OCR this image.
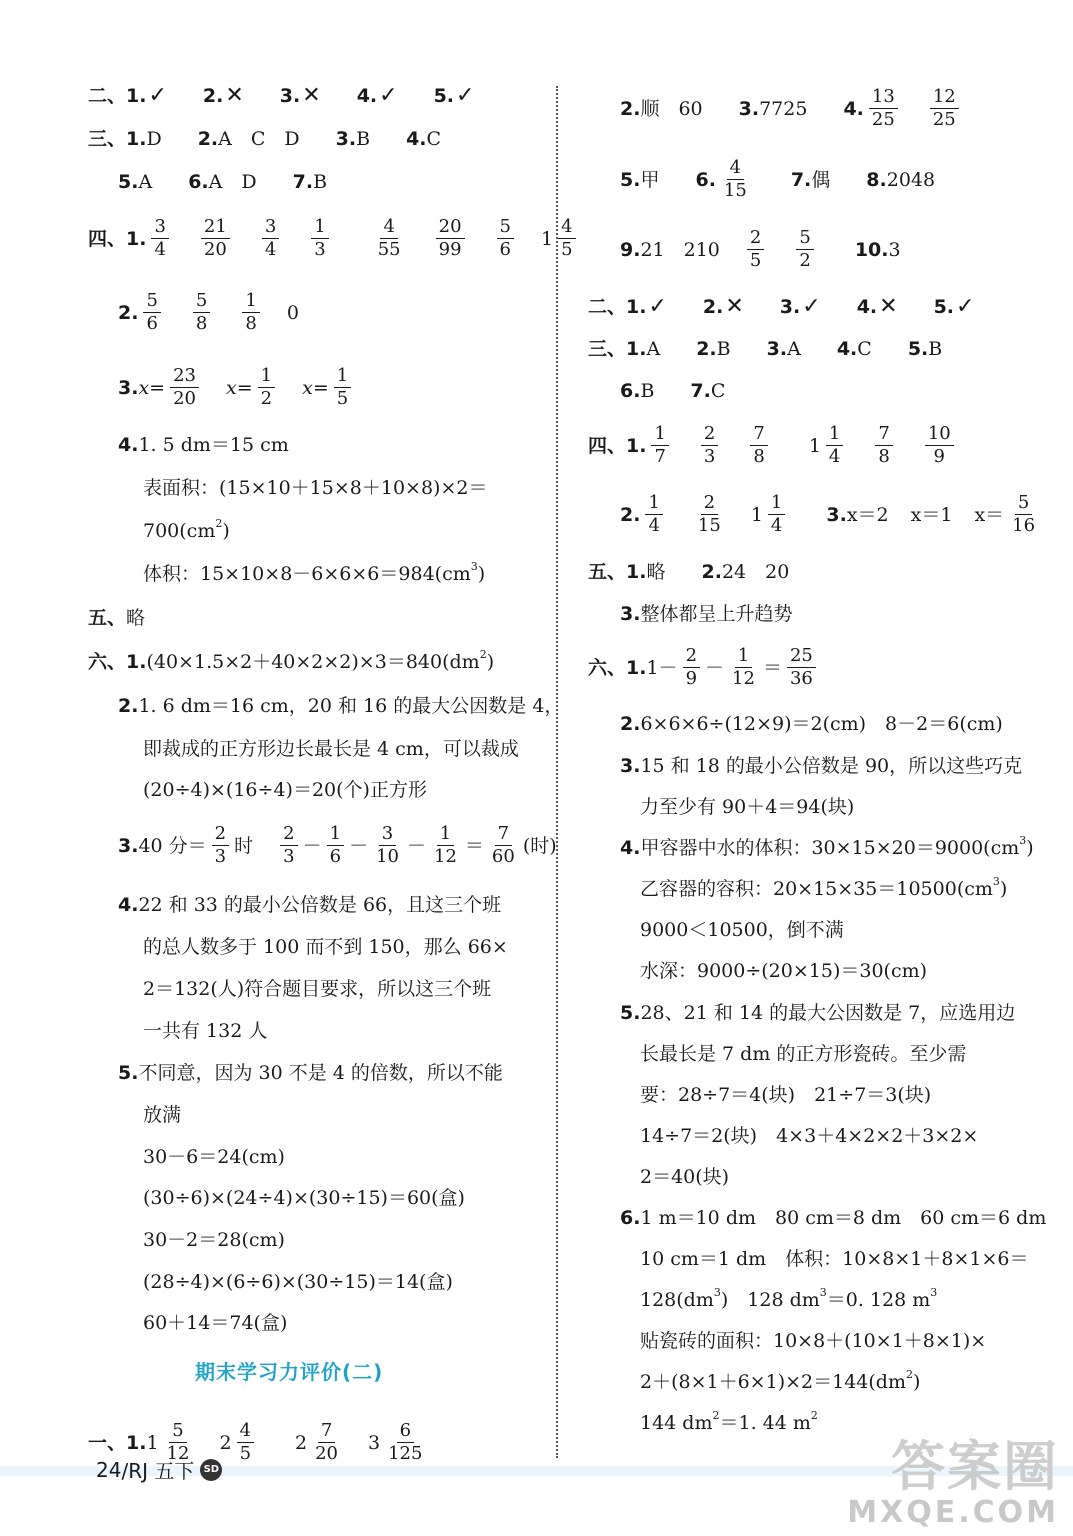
二、 1. ✓ 2. ✕ 3. ✕ 4. ✓ 5. ✓
三、 1. D 2. A　C　D 3. B 4. C
5. A 6. A　D 7. B
四、 1. $\frac{3}{4} \frac{21}{20} \frac{3}{4} \frac{1}{3}$	$\frac{4}{55} \frac{20}{99} \frac{5}{6} 1 \frac{4}{5}$
2. $\frac{5}{6} \frac{5}{8} \frac{1}{8} 0$
3. $x = \frac{23}{20}$ $x = \frac{1}{2}$ $x = \frac{1}{5}$
4. 1. 5 dm＝15 cm
表面积：(15×10＋15×8＋10×8)×2＝
700(cm 2 )
体积：15×10×8－6×6×6＝984(cm 3 )
五、 略
六、 1. (40×1.5×2＋40×2×2)×3＝840(dm 2 )
2. 1. 6 dm＝16 cm，20 和 16 的最大公因数是 4，
即裁成的正方形边长最长是 4 cm，可以裁成
(20÷4)×(16÷4)＝20(个)正方形
3. 40 分＝ $\frac{2}{3}$ 时 $\frac{2}{3} - \frac{1}{6} - \frac{3}{10} - \frac{1}{12} = \frac{7}{60}$ (时)
4. 22 和 33 的最小公倍数是 66，且这三个班
的总人数多于 100 而不到 150，那么 66×
2＝132(人)符合题目要求，所以这三个班
一共有 132 人
5. 不同意，因为 30 不是 4 的倍数，所以不能
放满
30－6＝24(cm)
(30÷6)×(24÷4)×(30÷15)＝60(盒)
30－2＝28(cm)
(28÷4)×(6÷6)×(30÷15)＝14(盒)
60＋14＝74(盒)
期末学习力评价(二)
一、 1. $1 \frac{5}{12} 2 \frac{4}{5} 2 \frac{7}{20} 3 \frac{6}{125}$
2. 顺　60 3. 7725 4. $\frac{13}{25} \frac{12}{25}$
5. 甲 6. $\frac{4}{15} 7$. 偶 8. 2048
9. 21　$210 \frac{2}{5} \frac{5}{2} 10$. 3
二、 1. ✓ 2. ✕ 3. ✓ 4. ✕ 5. ✓
三、 1. A 2. B 3. A 4. C 5. B
6. B 7. C
四、 1. $\frac{1}{7} \frac{2}{3} \frac{7}{8} 1 \frac{1}{4} \frac{7}{8} \frac{10}{9}$
2. $\frac{1}{4} \frac{2}{15} 1 \frac{1}{4} 3$. x＝2 x＝1 $x= \frac{5}{16}$
五、 1. 略 2. 24　20
3. 整体都呈上升趋势
六、 1. $1- \frac{2}{9} - \frac{1}{12} = \frac{25}{36}$
2. 6×6×6÷(12×9)＝2(cm)　8－2＝6(cm)
3. 15 和 18 的最小公倍数是 90，所以这些巧克
力至少有 90＋4＝94(块)
4. 甲容器中水的体积：30×15×20＝9000(cm 3 )
乙容器的容积：20×15×35＝10500(cm 3 )
9000＜10500，倒不满
水深：9000÷(20×15)＝30(cm)
5. 28、21 和 14 的最大公因数是 7，应选用边
长最长是 7 dm 的正方形瓷砖。至少需
要：28÷7＝4(块)　21÷7＝3(块)
14÷7＝2(块)　4×3＋4×2×2＋3×2×
2＝40(块)
6. 1 m＝10 dm　80 cm＝8 dm　60 cm＝6 dm
10 cm＝1 dm　体积：10×8×1＋8×1×6＝
128(dm 3 )　128 dm 3 ＝0. 128 m 3
贴瓷砖的面积：10×8＋(10×1＋8×1)×
2＋(8×1＋6×1)×2＝144(dm 2 )
144 dm 2 ＝1. 44 m 2
24 /RJ 五下 SD	答案圈
MXQE.COM
